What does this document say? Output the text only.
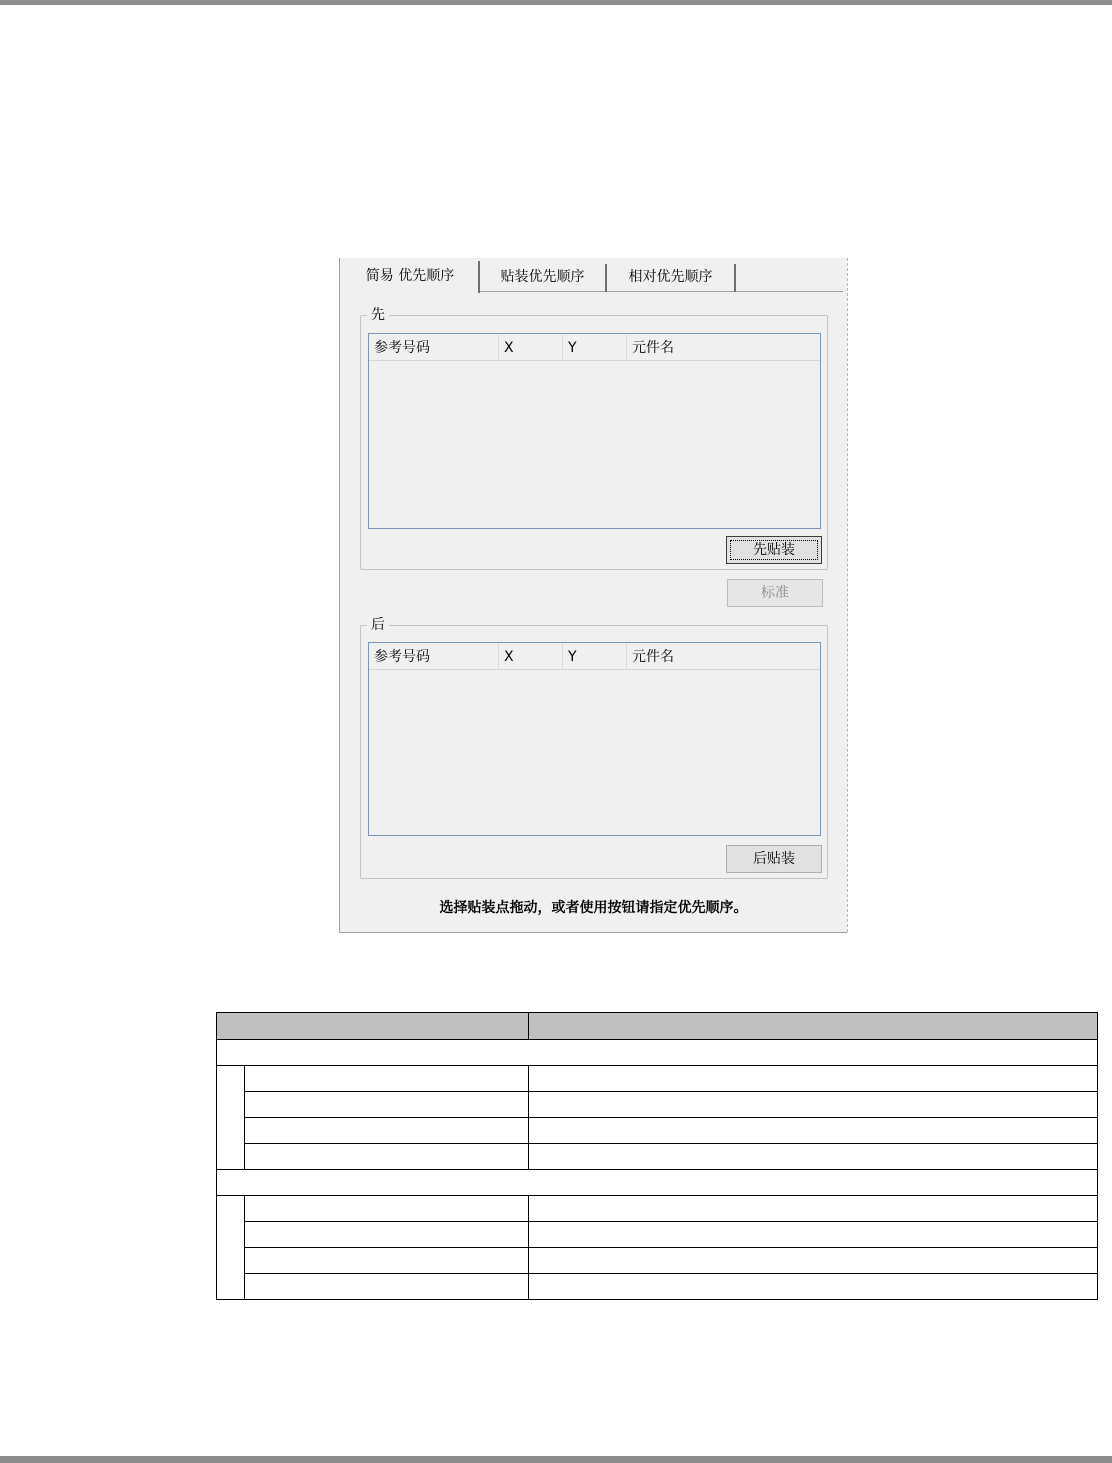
简易 优先顺序	贴装优先顺序	相对优先顺序
先
参考号码	X	Y	元件名
先贴装
标准
后
参考号码	X	Y	元件名
后贴装
选择贴装点拖动，或者使用按钮请指定优先顺序。
